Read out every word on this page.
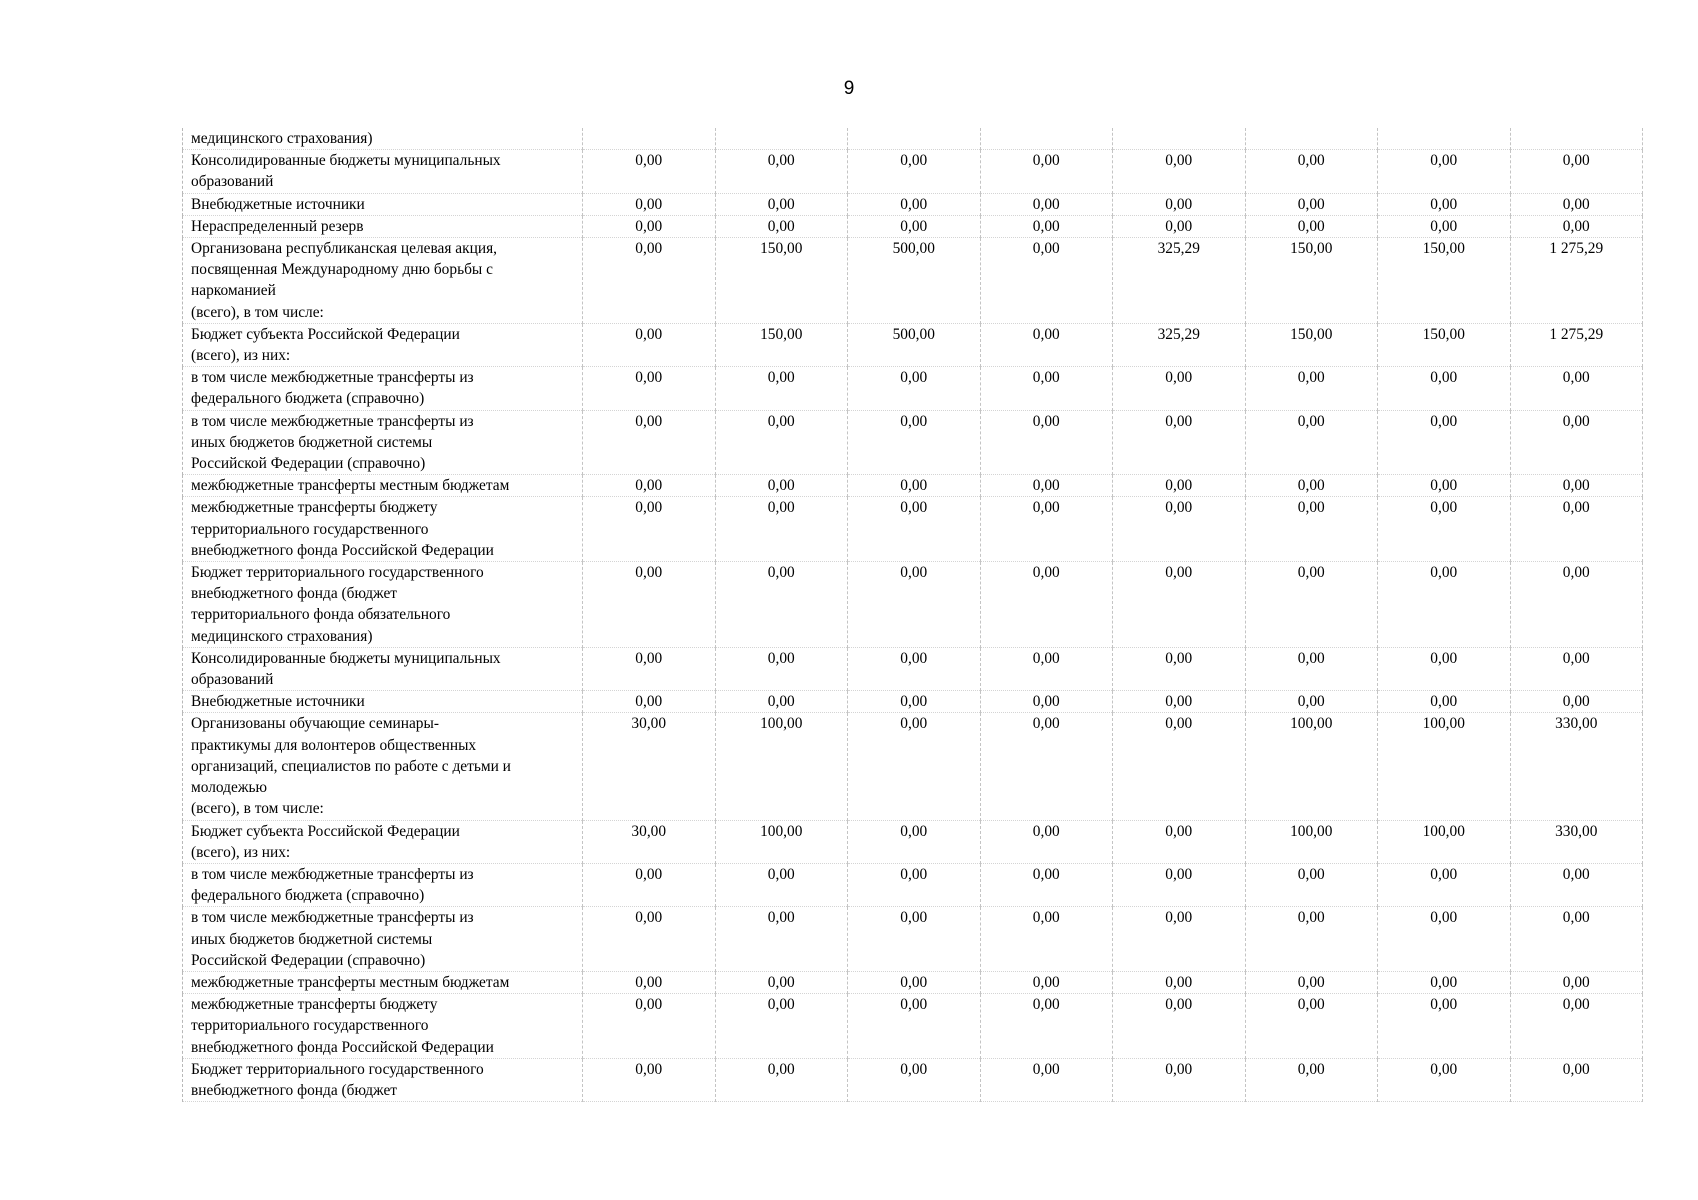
9
медицинского страхования)								

Консолидированные бюджеты муниципальных
образований	0,00	0,00	0,00	0,00	0,00	0,00	0,00	0,00

Внебюджетные источники	0,00	0,00	0,00	0,00	0,00	0,00	0,00	0,00

Нераспределенный резерв	0,00	0,00	0,00	0,00	0,00	0,00	0,00	0,00

Организована республиканская целевая акция,
посвященная Международному дню борьбы с
наркоманией
(всего), в том числе:	0,00	150,00	500,00	0,00	325,29	150,00	150,00	1 275,29

Бюджет субъекта Российской Федерации
(всего), из них:	0,00	150,00	500,00	0,00	325,29	150,00	150,00	1 275,29

в том числе межбюджетные трансферты из
федерального бюджета (справочно)	0,00	0,00	0,00	0,00	0,00	0,00	0,00	0,00

в том числе межбюджетные трансферты из
иных бюджетов бюджетной системы
Российской Федерации (справочно)	0,00	0,00	0,00	0,00	0,00	0,00	0,00	0,00

межбюджетные трансферты местным бюджетам	0,00	0,00	0,00	0,00	0,00	0,00	0,00	0,00

межбюджетные трансферты бюджету
территориального государственного
внебюджетного фонда Российской Федерации	0,00	0,00	0,00	0,00	0,00	0,00	0,00	0,00

Бюджет территориального государственного
внебюджетного фонда (бюджет
территориального фонда обязательного
медицинского страхования)	0,00	0,00	0,00	0,00	0,00	0,00	0,00	0,00

Консолидированные бюджеты муниципальных
образований	0,00	0,00	0,00	0,00	0,00	0,00	0,00	0,00

Внебюджетные источники	0,00	0,00	0,00	0,00	0,00	0,00	0,00	0,00

Организованы обучающие семинары-
практикумы для волонтеров общественных
организаций, специалистов по работе с детьми и
молодежью
(всего), в том числе:	30,00	100,00	0,00	0,00	0,00	100,00	100,00	330,00

Бюджет субъекта Российской Федерации
(всего), из них:	30,00	100,00	0,00	0,00	0,00	100,00	100,00	330,00

в том числе межбюджетные трансферты из
федерального бюджета (справочно)	0,00	0,00	0,00	0,00	0,00	0,00	0,00	0,00

в том числе межбюджетные трансферты из
иных бюджетов бюджетной системы
Российской Федерации (справочно)	0,00	0,00	0,00	0,00	0,00	0,00	0,00	0,00

межбюджетные трансферты местным бюджетам	0,00	0,00	0,00	0,00	0,00	0,00	0,00	0,00

межбюджетные трансферты бюджету
территориального государственного
внебюджетного фонда Российской Федерации	0,00	0,00	0,00	0,00	0,00	0,00	0,00	0,00

Бюджет территориального государственного
внебюджетного фонда (бюджет	0,00	0,00	0,00	0,00	0,00	0,00	0,00	0,00
